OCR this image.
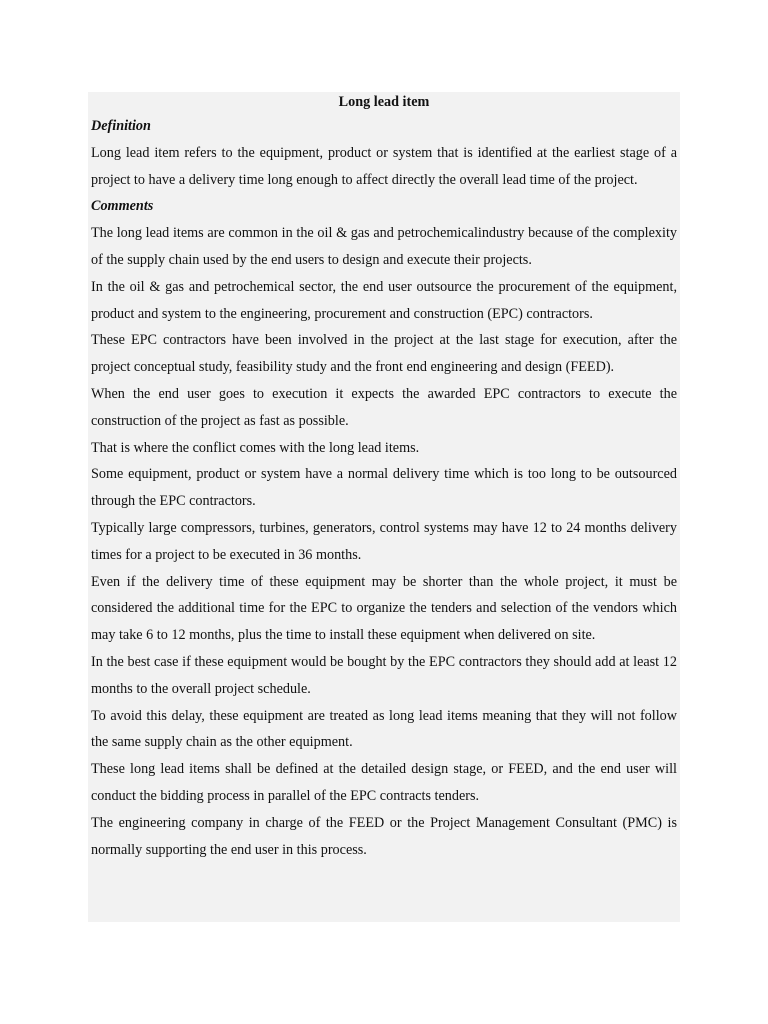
Long lead item

Definition

Long lead item refers to the equipment, product or system that is identified at the earliest stage of a project to have a delivery time long enough to affect directly the overall lead time of the project.

Comments

The long lead items are common in the oil & gas and petrochemicalindustry because of the complexity of the supply chain used by the end users to design and execute their projects.

In the oil & gas and petrochemical sector, the end user outsource the procurement of the equipment, product and system to the engineering, procurement and construction (EPC) contractors.

These EPC contractors have been involved in the project at the last stage for execution, after the project conceptual study, feasibility study and the front end engineering and design (FEED).

When the end user goes to execution it expects the awarded EPC contractors to execute the construction of the project as fast as possible.

That is where the conflict comes with the long lead items.

Some equipment, product or system have a normal delivery time which is too long to be outsourced through the EPC contractors.

Typically large compressors, turbines, generators, control systems may have 12 to 24 months delivery times for a project to be executed in 36 months.

Even if the delivery time of these equipment may be shorter than the whole project, it must be considered the additional time for the EPC to organize the tenders and selection of the vendors which may take 6 to 12 months, plus the time to install these equipment when delivered on site.

In the best case if these equipment would be bought by the EPC contractors they should add at least 12 months to the overall project schedule.

To avoid this delay, these equipment are treated as long lead items meaning that they will not follow the same supply chain as the other equipment.

These long lead items shall be defined at the detailed design stage, or FEED, and the end user will conduct the bidding process in parallel of the EPC contracts tenders.

The engineering company in charge of the FEED or the Project Management Consultant (PMC) is normally supporting the end user in this process.
